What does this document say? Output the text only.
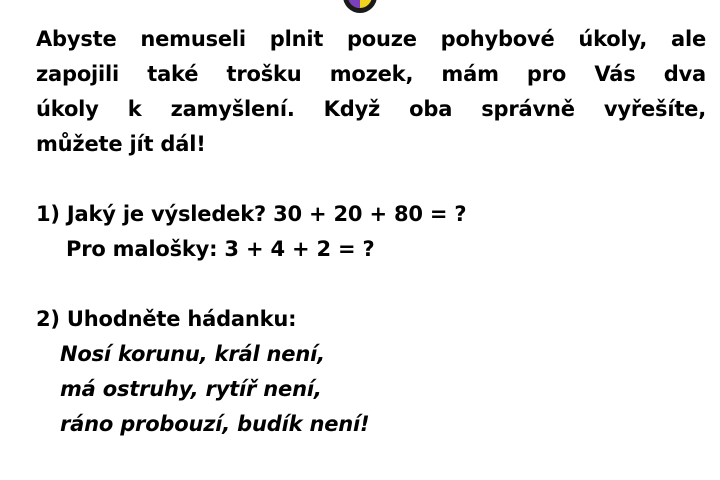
Abyste nemuseli plnit pouze pohybové úkoly, ale
zapojili také trošku mozek, mám pro Vás dva
úkoly k zamyšlení. Když oba správně vyřešíte,
můžete jít dál!

1) Jaký je výsledek? 30 + 20 + 80 = ?
Pro malošky: 3 + 4 + 2 = ?
2) Uhodněte hádanku:
Nosí korunu, král není,
má ostruhy, rytíř není,
ráno probouzí, budík není!
